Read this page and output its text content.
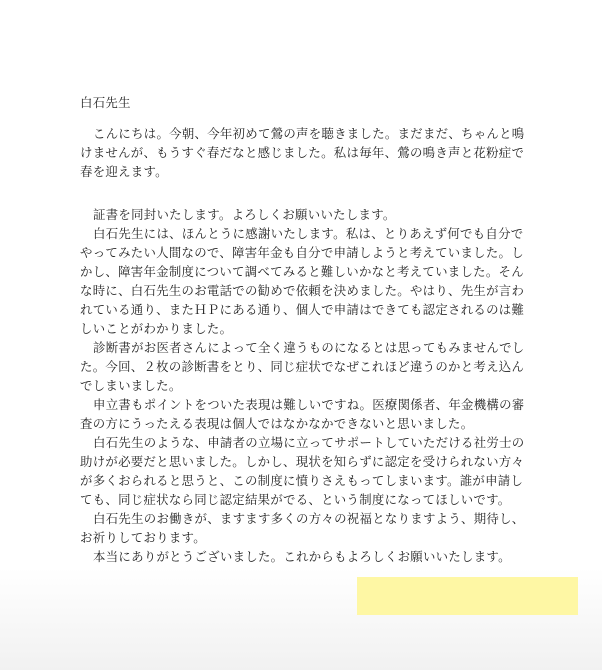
白石先生
こんにちは。今朝、今年初めて鶯の声を聴きました。まだまだ、ちゃんと鳴
けませんが、もうすぐ春だなと感じました。私は毎年、鶯の鳴き声と花粉症で
春を迎えます。
証書を同封いたします。よろしくお願いいたします。
白石先生には、ほんとうに感謝いたします。私は、とりあえず何でも自分で
やってみたい人間なので、障害年金も自分で申請しようと考えていました。し
かし、障害年金制度について調べてみると難しいかなと考えていました。そん
な時に、白石先生のお電話での勧めで依頼を決めました。やはり、先生が言わ
れている通り、またＨＰにある通り、個人で申請はできても認定されるのは難
しいことがわかりました。
診断書がお医者さんによって全く違うものになるとは思ってもみませんでし
た。今回、２枚の診断書をとり、同じ症状でなぜこれほど違うのかと考え込ん
でしまいました。
申立書もポイントをついた表現は難しいですね。医療関係者、年金機構の審
査の方にうったえる表現は個人ではなかなかできないと思いました。
白石先生のような、申請者の立場に立ってサポートしていただける社労士の
助けが必要だと思いました。しかし、現状を知らずに認定を受けられない方々
が多くおられると思うと、この制度に憤りさえもってしまいます。誰が申請し
ても、同じ症状なら同じ認定結果がでる、という制度になってほしいです。
白石先生のお働きが、ますます多くの方々の祝福となりますよう、期待し、
お祈りしております。
本当にありがとうございました。これからもよろしくお願いいたします。
